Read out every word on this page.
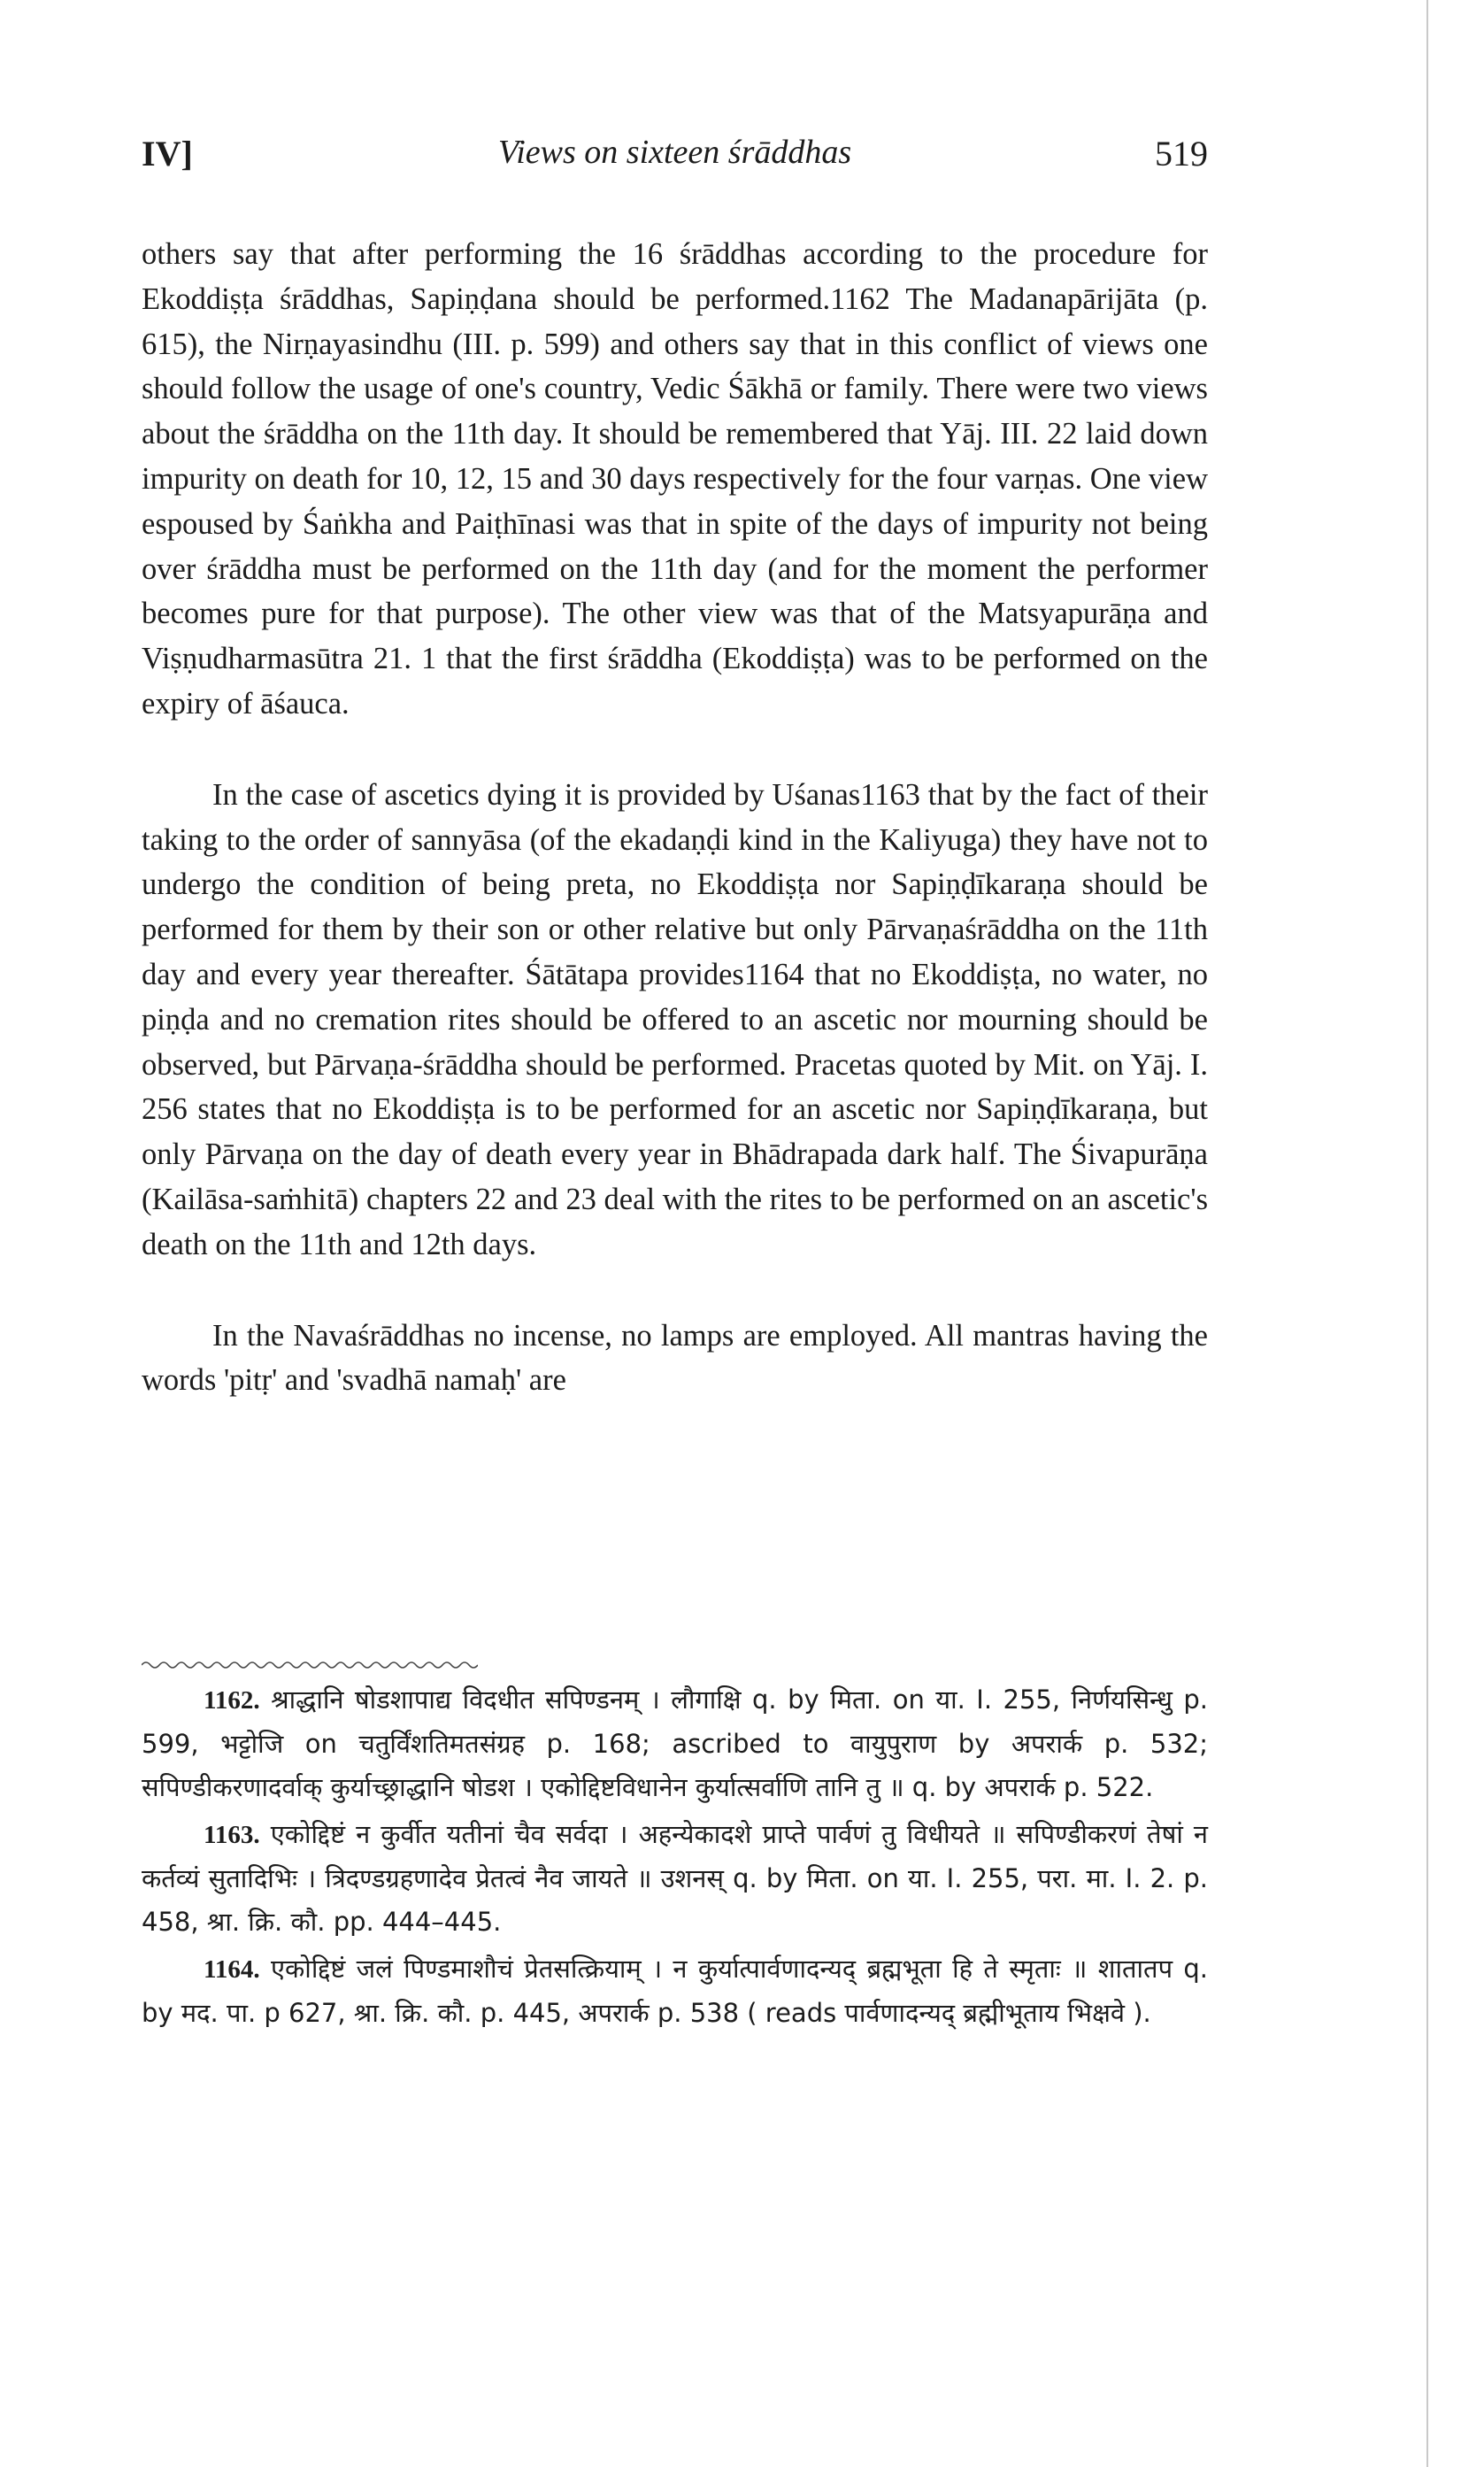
IV]	Views on sixteen śrāddhas	519

others say that after performing the 16 śrāddhas according to the procedure for Ekoddiṣṭa śrāddhas, Sapiṇḍana should be performed.1162 The Madanapārijāta (p. 615), the Nirṇayasindhu (III. p. 599) and others say that in this conflict of views one should follow the usage of one's country, Vedic Śākhā or family. There were two views about the śrāddha on the 11th day. It should be remembered that Yāj. III. 22 laid down impurity on death for 10, 12, 15 and 30 days respectively for the four varṇas. One view espoused by Śaṅkha and Paiṭhīnasi was that in spite of the days of impurity not being over śrāddha must be performed on the 11th day (and for the moment the performer becomes pure for that purpose). The other view was that of the Matsyapurāṇa and Viṣṇudharmasūtra 21. 1 that the first śrāddha (Ekoddiṣṭa) was to be performed on the expiry of āśauca.

In the case of ascetics dying it is provided by Uśanas1163 that by the fact of their taking to the order of sannyāsa (of the ekadaṇḍi kind in the Kaliyuga) they have not to undergo the condition of being preta, no Ekoddiṣṭa nor Sapiṇḍīkaraṇa should be performed for them by their son or other relative but only Pārvaṇaśrāddha on the 11th day and every year thereafter. Śātātapa provides1164 that no Ekoddiṣṭa, no water, no piṇḍa and no cremation rites should be offered to an ascetic nor mourning should be observed, but Pārvaṇa-śrāddha should be performed. Pracetas quoted by Mit. on Yāj. I. 256 states that no Ekoddiṣṭa is to be performed for an ascetic nor Sapiṇḍīkaraṇa, but only Pārvaṇa on the day of death every year in Bhādrapada dark half. The Śivapurāṇa (Kailāsa-saṁhitā) chapters 22 and 23 deal with the rites to be performed on an ascetic's death on the 11th and 12th days.

In the Navaśrāddhas no incense, no lamps are employed. All mantras having the words 'pitṛ' and 'svadhā namaḥ' are

1162. श्राद्धानि षोडशापाद्य विदधीत सपिण्डनम् । लौगाक्षि q. by मिता. on या. I. 255, निर्णयसिन्धु p. 599, भट्टोजि on चतुर्विंशतिमतसंग्रह p. 168; ascribed to वायुपुराण by अपरार्क p. 532; सपिण्डीकरणादर्वाक् कुर्याच्छ्राद्धानि षोडश । एकोद्दिष्टविधानेन कुर्यात्सर्वाणि तानि तु ॥ q. by अपरार्क p. 522.

1163. एकोद्दिष्टं न कुर्वीत यतीनां चैव सर्वदा । अहन्येकादशे प्राप्ते पार्वणं तु विधीयते ॥ सपिण्डीकरणं तेषां न कर्तव्यं सुतादिभिः । त्रिदण्डग्रहणादेव प्रेतत्वं नैव जायते ॥ उशनस् q. by मिता. on या. I. 255, परा. मा. I. 2. p. 458, श्रा. क्रि. कौ. pp. 444–445.

1164. एकोद्दिष्टं जलं पिण्डमाशौचं प्रेतसत्क्रियाम् । न कुर्यात्पार्वणादन्यद् ब्रह्मभूता हि ते स्मृताः ॥ शातातप q. by मद. पा. p 627, श्रा. क्रि. कौ. p. 445, अपरार्क p. 538 ( reads पार्वणादन्यद् ब्रह्मीभूताय भिक्षवे ).
